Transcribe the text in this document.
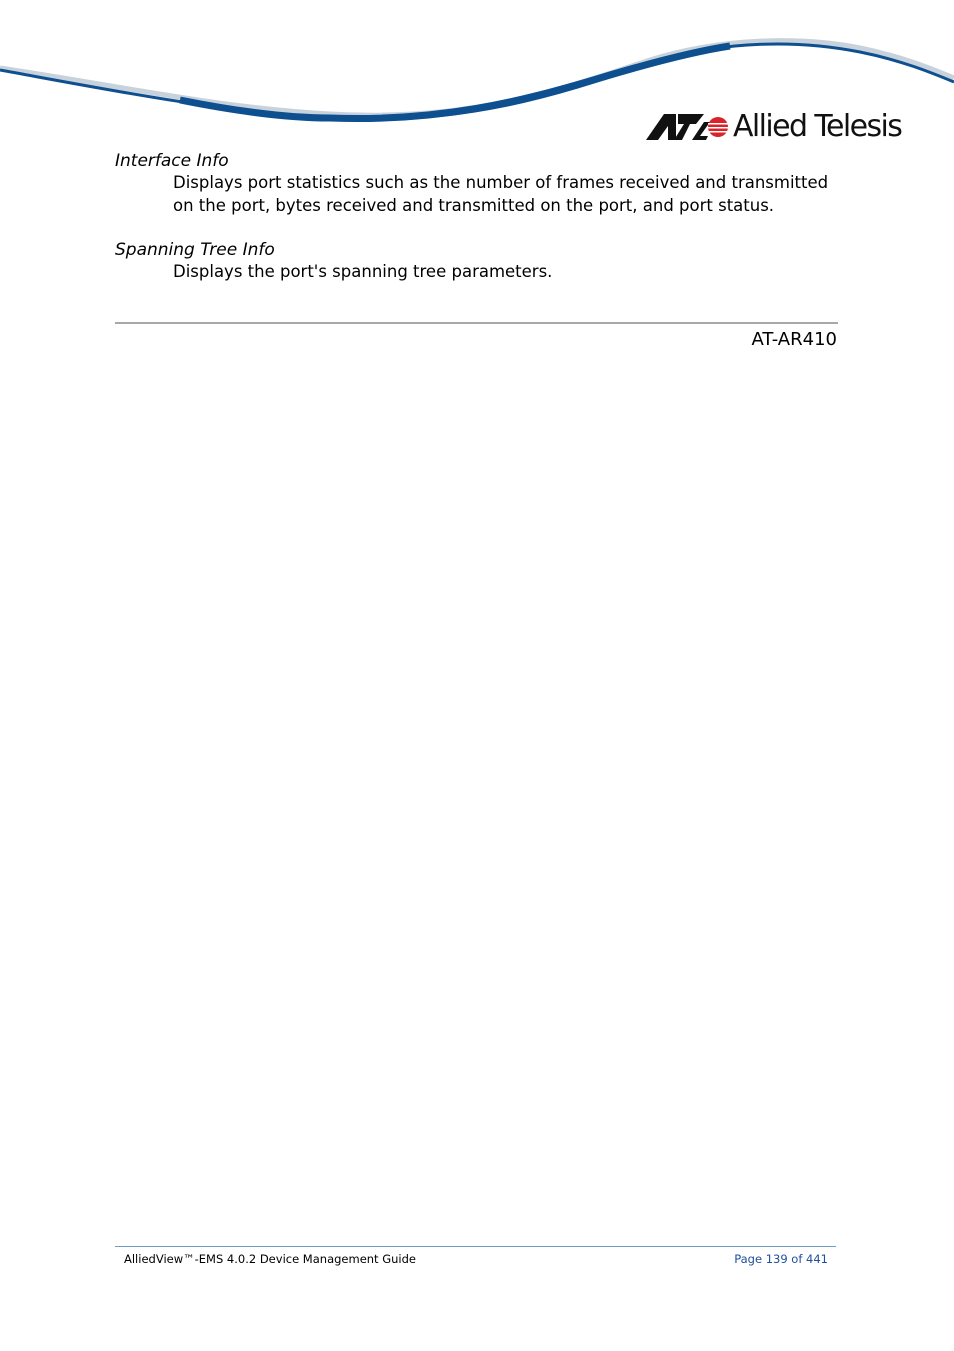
Allied Telesis
Interface Info
Displays port statistics such as the number of frames received and transmitted on the port, bytes received and transmitted on the port, and port status.
Spanning Tree Info
Displays the port's spanning tree parameters.
AT-AR410
AlliedView™-EMS 4.0.2 Device Management Guide	Page 139 of 441
